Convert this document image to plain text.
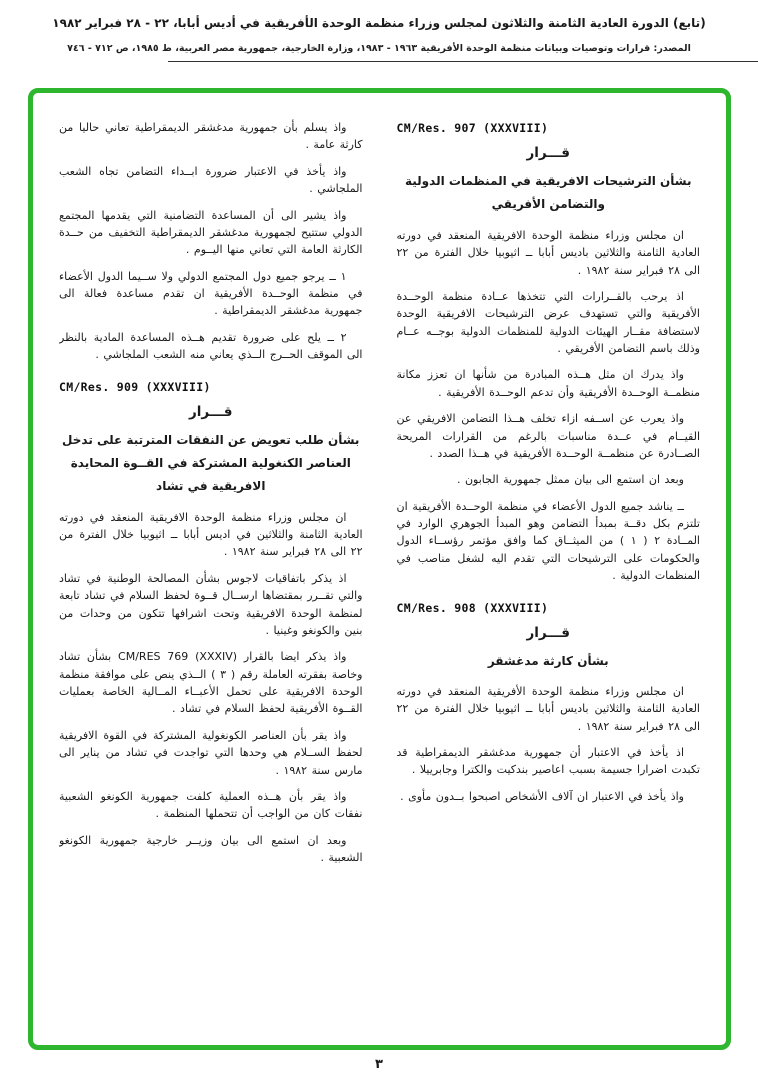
(تابع) الدورة العادية الثامنة والثلاثون لمجلس وزراء منظمة الوحدة الأفريقية في أديس أبابا، ٢٢ - ٢٨ فبراير ١٩٨٢
المصدر: قرارات وتوصيات وبيانات منظمة الوحدة الأفريقية ١٩٦٣ - ١٩٨٣، وزارة الخارجية، جمهورية مصر العربية، ط ١٩٨٥، ص ٧١٢ - ٧٤٦
CM/Res. 907 (XXXVIII)
قـــرار
بشأن الترشيحات الافريقية في المنظمات الدولية والتضامن الأفريقي
ان مجلس وزراء منظمة الوحدة الافريقية المنعقد في دورته العادية الثامنة والثلاثين باديس أبابا ــ اثيوبيا خلال الفترة من ٢٢ الى ٢٨ فبراير سنة ١٩٨٢ .
اذ يرحب بالقــرارات التي تتخذها عــادة منظمة الوحــدة الأفريقية والتي تستهدف عرض الترشيحات الافريقية الوحدة لاستضافة مقــار الهيئات الدولية للمنظمات الدولية بوجــه عــام وذلك باسم التضامن الأفريقي .
واذ يدرك ان مثل هــذه المبادرة من شأنها ان تعزز مكانة منظمــة الوحــدة الأفريقية وأن تدعم الوحــدة الأفريقية .
واذ يعرب عن اســفه ازاء تخلف هــذا التضامن الافريقي عن القيــام في عــدة مناسبات بالرغم من القرارات المريحة الصــادرة عن منظمــة الوحــدة الأفريقية في هــذا الصدد .
وبعد ان استمع الى بيان ممثل جمهورية الجابون .
ــ يناشد جميع الدول الأعضاء في منظمة الوحــدة الأفريقية ان تلتزم بكل دقــة بمبدأ التضامن وهو المبدأ الجوهري الوارد في المــادة ٢ ( ١ ) من الميثــاق كما وافق مؤتمر رؤســاء الدول والحكومات على الترشيحات التي تقدم اليه لشغل مناصب في المنظمات الدولية .
CM/Res. 908 (XXXVIII)
قـــرار
بشأن كارثة مدغشقر
ان مجلس وزراء منظمة الوحدة الأفريقية المنعقد في دورته العادية الثامنة والثلاثين باديس أبابا ــ اثيوبيا خلال الفترة من ٢٢ الى ٢٨ فبراير سنة ١٩٨٢ .
اذ يأخذ في الاعتبار أن جمهورية مدغشقر الديمقراطية قد تكبدت اضرارا جسيمة بسبب اعاصير بندكيت والكترا وجابرييلا .
واذ يأخذ في الاعتبار ان آلاف الأشخاص اصبحوا بــدون مأوى .
واذ يسلم بأن جمهورية مدغشقر الديمقراطية تعاني حاليا من كارثة عامة .
واذ يأخذ في الاعتبار ضرورة ابــداء التضامن تجاه الشعب الملجاشي .
واذ يشير الى أن المساعدة التضامنية التي يقدمها المجتمع الدولي ستتيح لجمهورية مدغشقر الديمقراطية التخفيف من حــدة الكارثة العامة التي تعاني منها اليــوم .
١ ــ يرجو جميع دول المجتمع الدولي ولا ســيما الدول الأعضاء في منظمة الوحــدة الأفريقية ان تقدم مساعدة فعالة الى جمهورية مدغشقر الديمقراطية .
٢ ــ يلح على ضرورة تقديم هــذه المساعدة المادية بالنظر الى الموقف الحــرج الــذي يعاني منه الشعب الملجاشي .
CM/Res. 909 (XXXVIII)
قـــرار
بشأن طلب تعويض عن النفقات المترتبة على تدخل العناصر الكنغولية المشتركة في القــوة المحايدة الافريقية في تشاد
ان مجلس وزراء منظمة الوحدة الافريقية المنعقد في دورته العادية الثامنة والثلاثين في اديس أبابا ــ اثيوبيا خلال الفترة من ٢٢ الى ٢٨ فبراير سنة ١٩٨٢ .
اذ يذكر باتفاقيات لاجوس بشأن المصالحة الوطنية في تشاد والتي تقــرر بمقتضاها ارســال قــوة لحفظ السلام في تشاد تابعة لمنظمة الوحدة الافريقية وتحت اشرافها تتكون من وحدات من بنين والكونغو وغينيا .
واذ يذكر ايضا بالقرار CM/RES 769 (XXXIV) بشأن تشاد وخاصة بفقرته العاملة رقم ( ٣ ) الــذي ينص على موافقة منظمة الوحدة الافريقية على تحمل الأعبــاء المــالية الخاصة بعمليات القــوة الأفريقية لحفظ السلام في تشاد .
واذ يقر بأن العناصر الكونغولية المشتركة في القوة الافريقية لحفظ الســلام هي وحدها التي تواجدت في تشاد من يناير الى مارس سنة ١٩٨٢ .
واذ يقر بأن هــذه العملية كلفت جمهورية الكونغو الشعبية نفقات كان من الواجب أن تتحملها المنظمة .
وبعد ان استمع الى بيان وزيــر خارجية جمهورية الكونغو الشعبية .
٣
